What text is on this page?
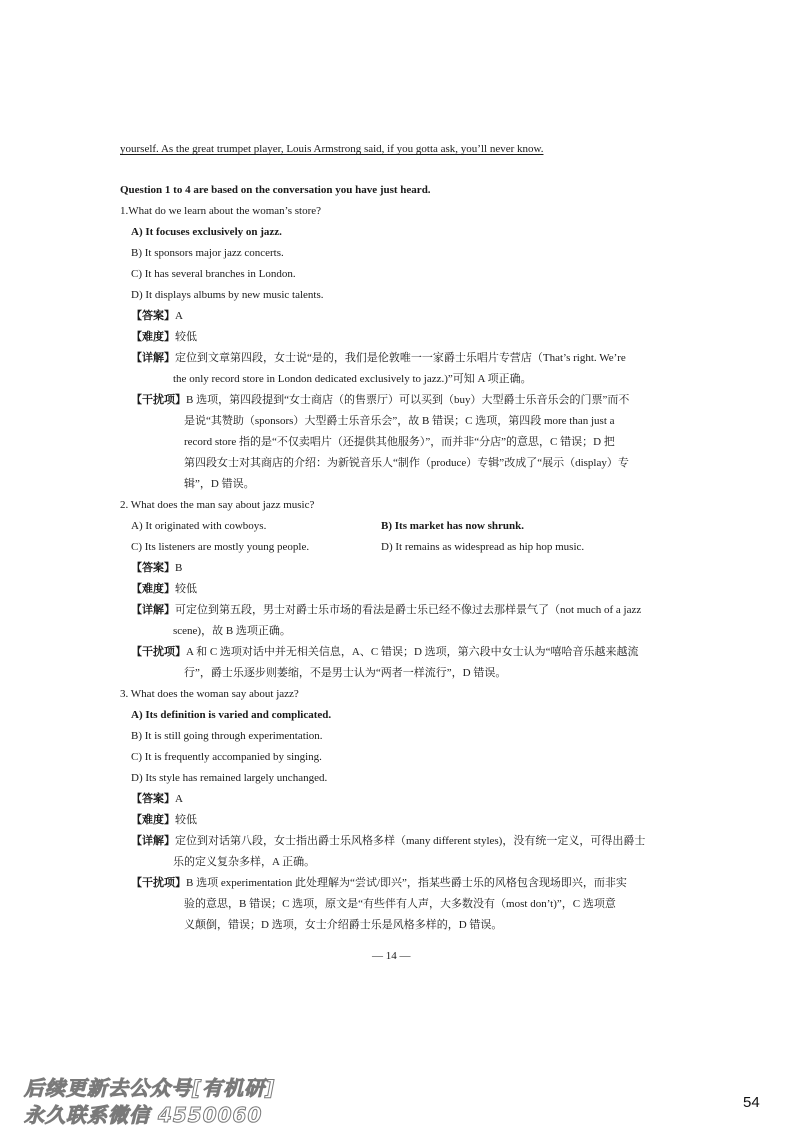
yourself. As the great trumpet player, Louis Armstrong said, if you gotta ask, you’ll never know.
Question 1 to 4 are based on the conversation you have just heard.
1.What do we learn about the woman’s store?
A) It focuses exclusively on jazz.
B) It sponsors major jazz concerts.
C) It has several branches in London.
D) It displays albums by new music talents.
【答案】A
【难度】较低
【详解】定位到文章第四段，女士说“是的，我们是伦敦唯一一家爵士乐唱片专营店（That’s right. We’re
the only record store in London dedicated exclusively to jazz.)”可知 A 项正确。
【干扰项】B 选项，第四段提到“女士商店（的售票厅）可以买到（buy）大型爵士乐音乐会的门票”而不
是说“其赞助（sponsors）大型爵士乐音乐会”，故 B 错误；C 选项，第四段 more than just a
record store 指的是“不仅卖唱片（还提供其他服务）”，而并非“分店”的意思，C 错误；D 把
第四段女士对其商店的介绍：为新锐音乐人“制作（produce）专辑”改成了“展示（display）专
辑”，D 错误。
2. What does the man say about jazz music?
A) It originated with cowboys.	B) Its market has now shrunk.
C) Its listeners are mostly young people.	D) It remains as widespread as hip hop music.
【答案】B
【难度】较低
【详解】可定位到第五段，男士对爵士乐市场的看法是爵士乐已经不像过去那样景气了（not much of a jazz
scene)，故 B 选项正确。
【干扰项】A 和 C 选项对话中并无相关信息，A、C 错误；D 选项，第六段中女士认为“嘻哈音乐越来越流
行”，爵士乐逐步则萎缩，不是男士认为“两者一样流行”，D 错误。
3. What does the woman say about jazz?
A) Its definition is varied and complicated.
B) It is still going through experimentation.
C) It is frequently accompanied by singing.
D) Its style has remained largely unchanged.
【答案】A
【难度】较低
【详解】定位到对话第八段，女士指出爵士乐风格多样（many different styles)，没有统一定义，可得出爵士
乐的定义复杂多样，A 正确。
【干扰项】B 选项 experimentation 此处理解为“尝试/即兴”，指某些爵士乐的风格包含现场即兴，而非实
验的意思，B 错误；C 选项，原文是“有些伴有人声，大多数没有（most don’t)”，C 选项意
义颠倒，错误；D 选项，女士介绍爵士乐是风格多样的，D 错误。
— 14 —
后续更新去公众号[有机研]
永久联系微信 4550060
54
